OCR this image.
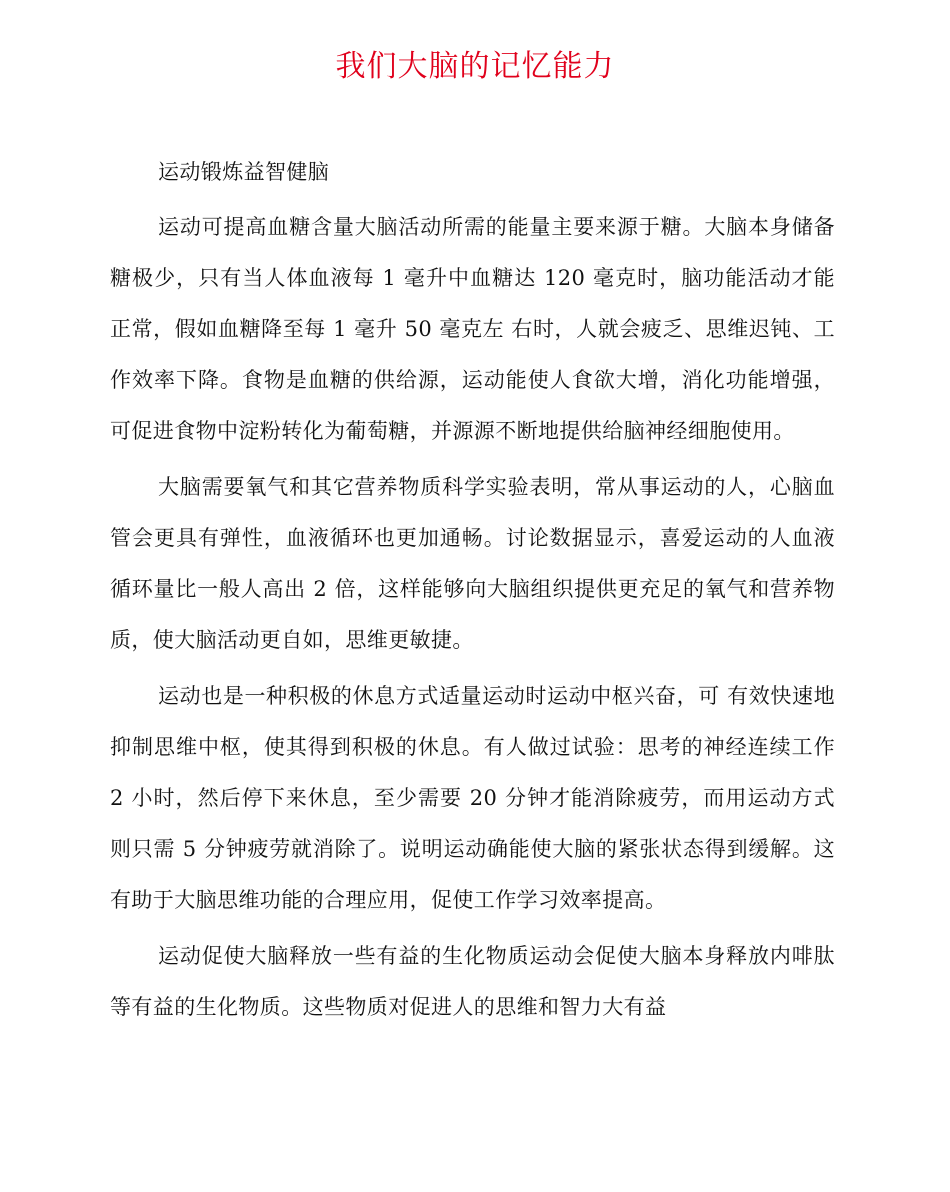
我们大脑的记忆能力

运动锻炼益智健脑

运动可提高血糖含量大脑活动所需的能量主要来源于糖。大脑本身储备糖极少，只有当人体血液每 1 毫升中血糖达 120 毫克时，脑功能活动才能正常，假如血糖降至每 1 毫升 50 毫克左 右时，人就会疲乏、思维迟钝、工作效率下降。食物是血糖的供给源，运动能使人食欲大增，消化功能增强，可促进食物中淀粉转化为葡萄糖，并源源不断地提供给脑神经细胞使用。

大脑需要氧气和其它营养物质科学实验表明，常从事运动的人，心脑血管会更具有弹性，血液循环也更加通畅。讨论数据显示，喜爱运动的人血液循环量比一般人高出 2 倍，这样能够向大脑组织提供更充足的氧气和营养物质，使大脑活动更自如，思维更敏捷。

运动也是一种积极的休息方式适量运动时运动中枢兴奋，可 有效快速地抑制思维中枢，使其得到积极的休息。有人做过试验：思考的神经连续工作 2 小时，然后停下来休息，至少需要 20 分钟才能消除疲劳，而用运动方式则只需 5 分钟疲劳就消除了。说明运动确能使大脑的紧张状态得到缓解。这有助于大脑思维功能的合理应用，促使工作学习效率提高。

运动促使大脑释放一些有益的生化物质运动会促使大脑本身释放内啡肽等有益的生化物质。这些物质对促进人的思维和智力大有益
